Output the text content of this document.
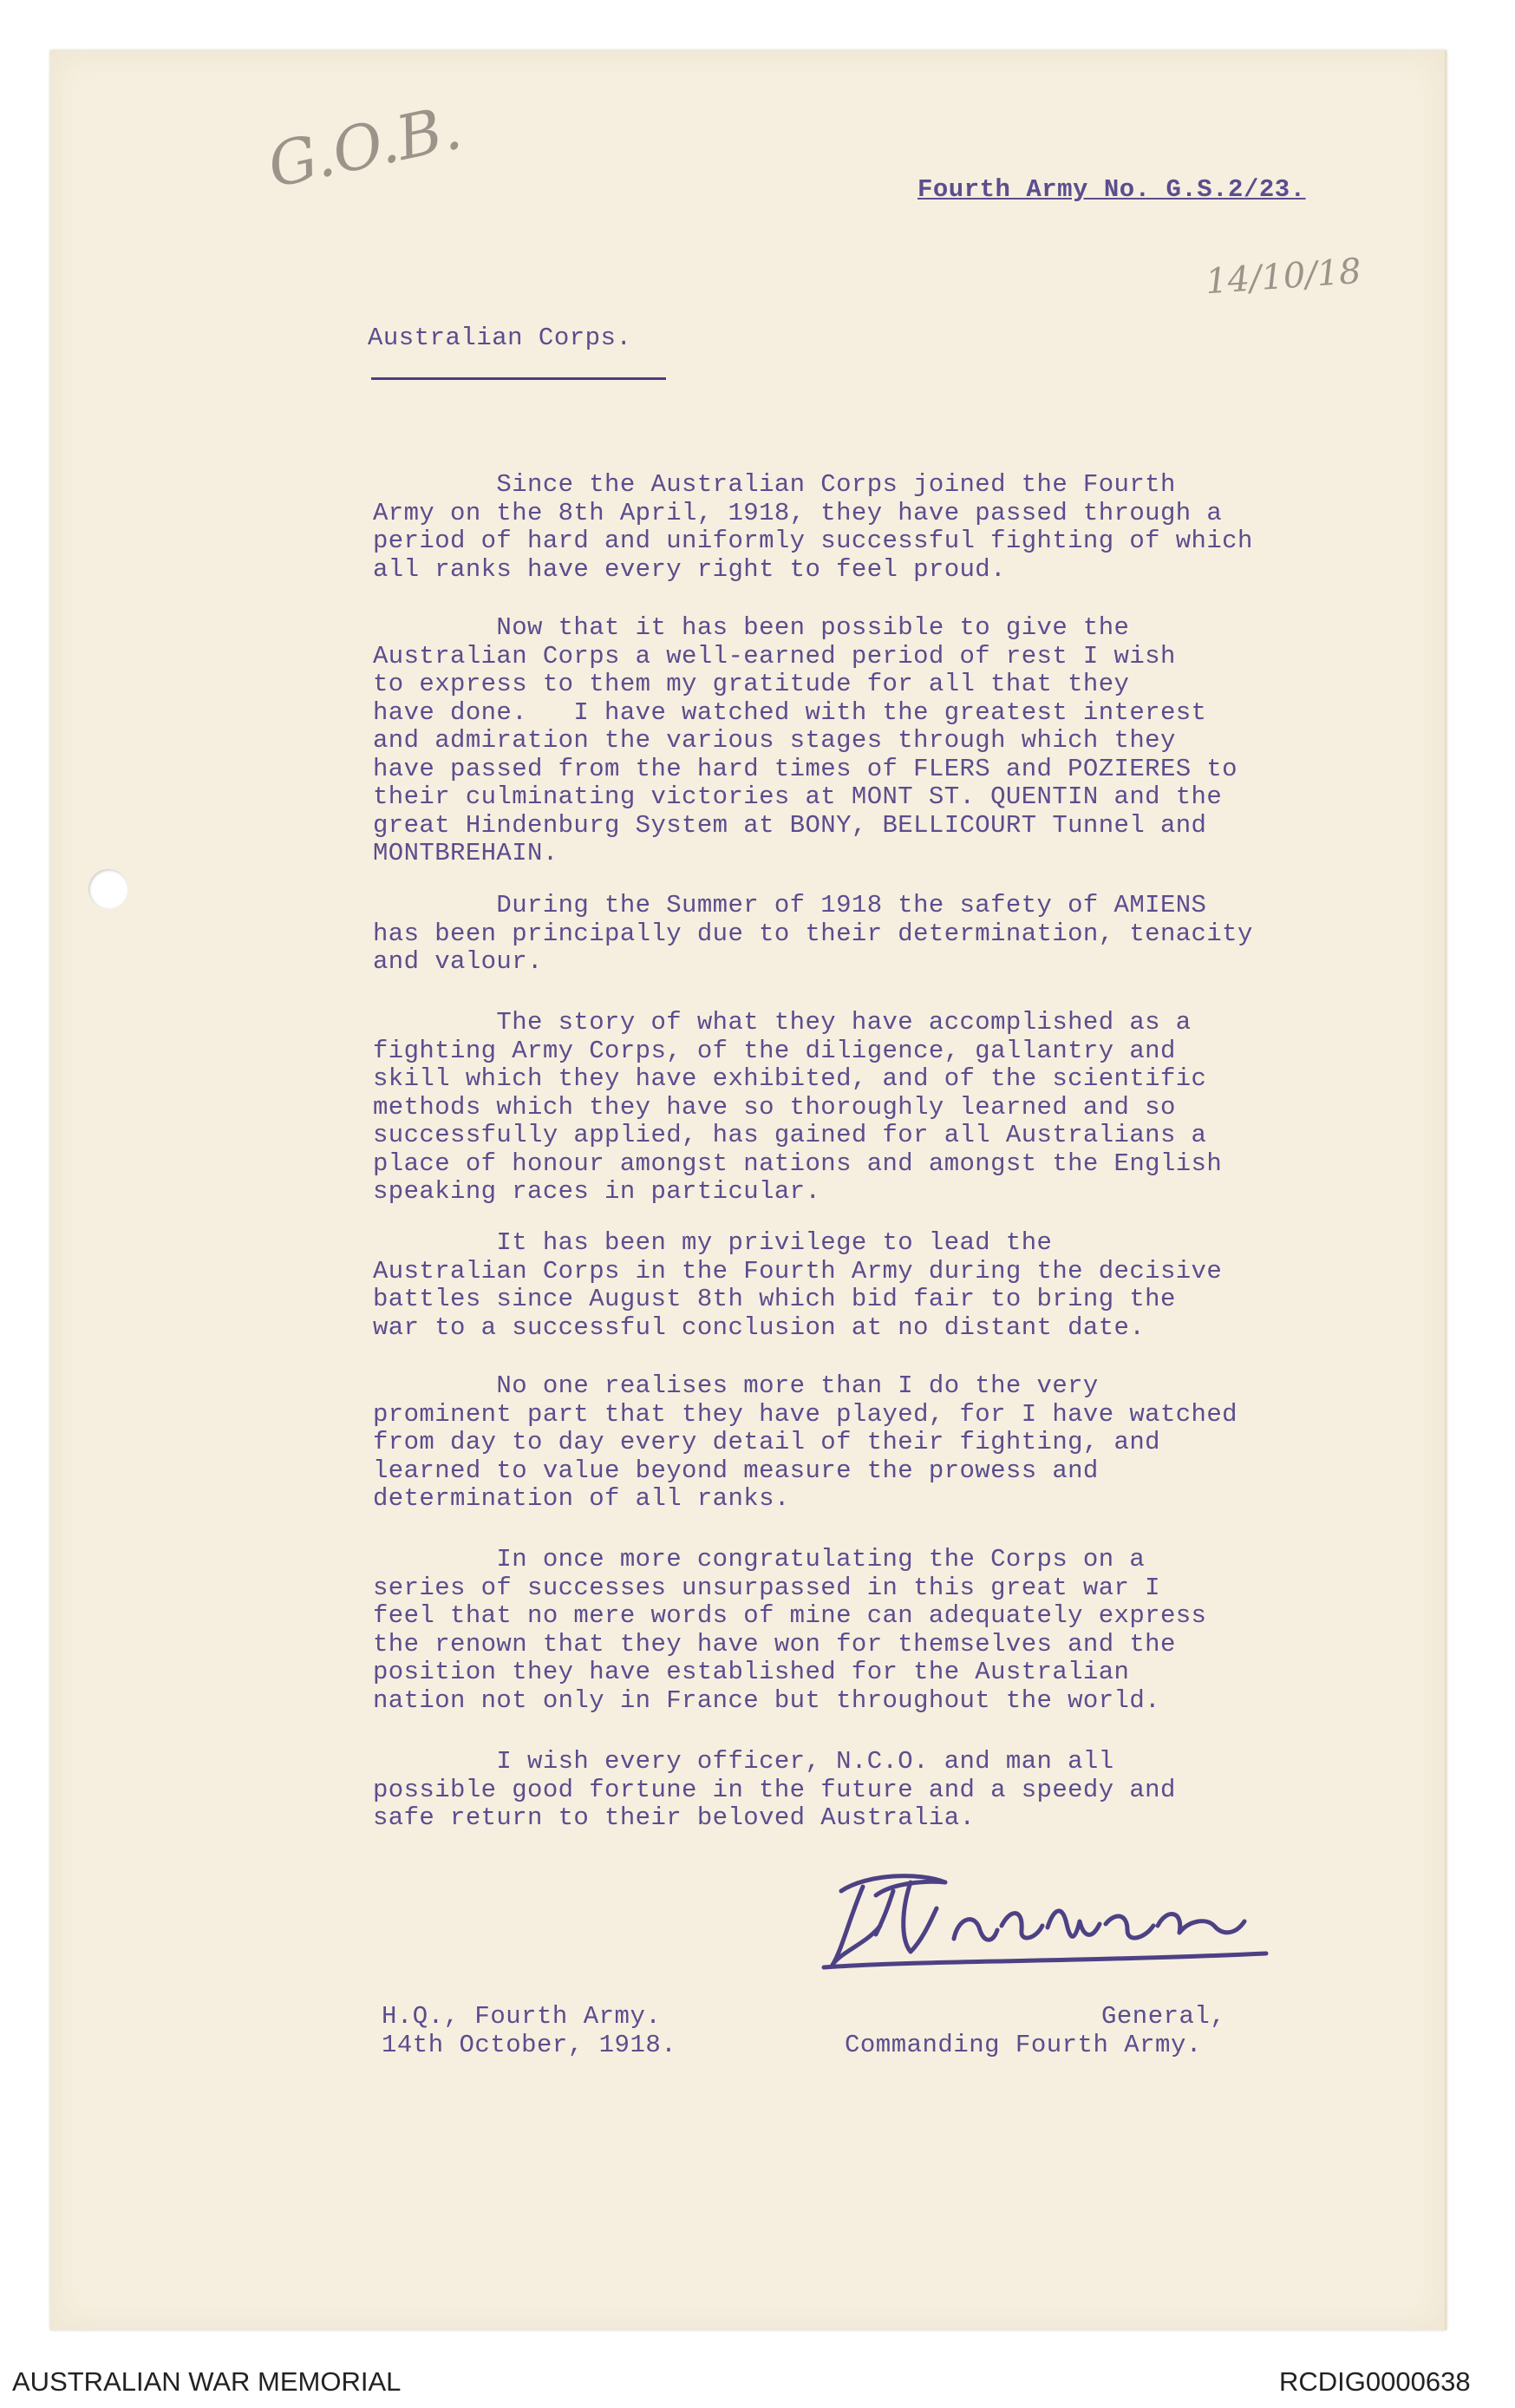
G.O.B.	Fourth Army No. G.S.2/23.
14/10/18
Australian Corps.
Since the Australian Corps joined the Fourth
Army on the 8th April, 1918, they have passed through a
period of hard and uniformly successful fighting of which
all ranks have every right to feel proud.
Now that it has been possible to give the
Australian Corps a well-earned period of rest I wish
to express to them my gratitude for all that they
have done.   I have watched with the greatest interest
and admiration the various stages through which they
have passed from the hard times of FLERS and POZIERES to
their culminating victories at MONT ST. QUENTIN and the
great Hindenburg System at BONY, BELLICOURT Tunnel and
MONTBREHAIN.
During the Summer of 1918 the safety of AMIENS
has been principally due to their determination, tenacity
and valour.
The story of what they have accomplished as a
fighting Army Corps, of the diligence, gallantry and
skill which they have exhibited, and of the scientific
methods which they have so thoroughly learned and so
successfully applied, has gained for all Australians a
place of honour amongst nations and amongst the English
speaking races in particular.
It has been my privilege to lead the
Australian Corps in the Fourth Army during the decisive
battles since August 8th which bid fair to bring the
war to a successful conclusion at no distant date.
No one realises more than I do the very
prominent part that they have played, for I have watched
from day to day every detail of their fighting, and
learned to value beyond measure the prowess and
determination of all ranks.
In once more congratulating the Corps on a
series of successes unsurpassed in this great war I
feel that no mere words of mine can adequately express
the renown that they have won for themselves and the
position they have established for the Australian
nation not only in France but throughout the world.
I wish every officer, N.C.O. and man all
possible good fortune in the future and a speedy and
safe return to their beloved Australia.
H.Q., Fourth Army.
14th October, 1918.
General,
Commanding Fourth Army.
AUSTRALIAN WAR MEMORIAL	RCDIG0000638
